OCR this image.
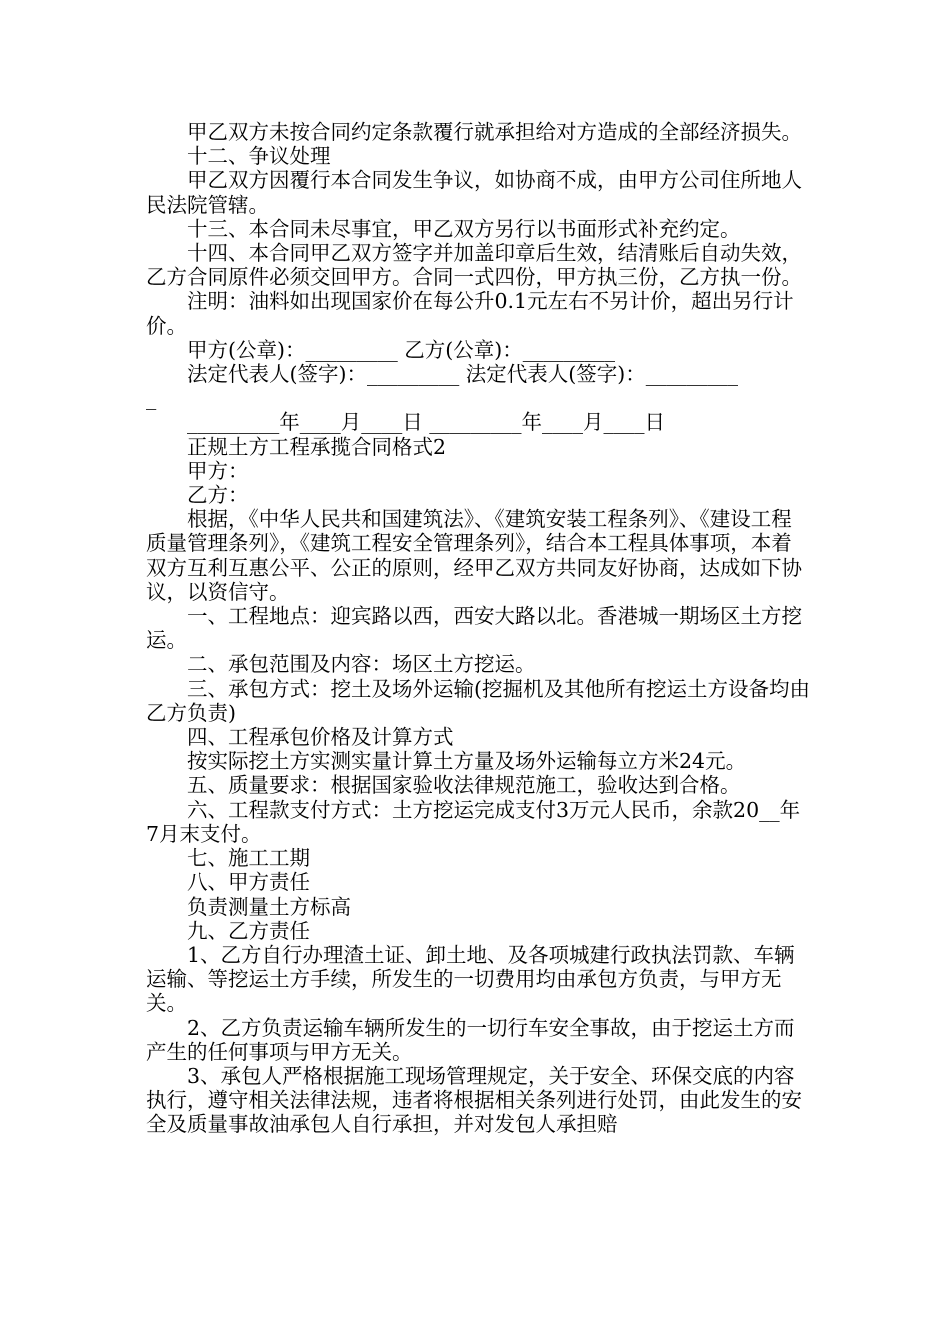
甲乙双方未按合同约定条款覆行就承担给对方造成的全部经济损失。

十二、争议处理

甲乙双方因覆行本合同发生争议，如协商不成，由甲方公司住所地人民法院管辖。

十三、本合同未尽事宜，甲乙双方另行以书面形式补充约定。

十四、本合同甲乙双方签字并加盖印章后生效，结清账后自动失效，乙方合同原件必须交回甲方。合同一式四份，甲方执三份，乙方执一份。

注明：油料如出现国家价在每公升0.1元左右不另计价，超出另行计价。

甲方(公章)：_________ 乙方(公章)：_________

法定代表人(签字)：_________ 法定代表人(签字)：_________

_

_________年____月____日 _________年____月____日

正规土方工程承揽合同格式2

甲方：

乙方：

根据，《中华人民共和国建筑法》、《建筑安装工程条列》、《建设工程质量管理条列》，《建筑工程安全管理条列》，结合本工程具体事项，本着双方互利互惠公平、公正的原则，经甲乙双方共同友好协商，达成如下协议，以资信守。

一、工程地点：迎宾路以西，西安大路以北。香港城一期场区土方挖运。

二、承包范围及内容：场区土方挖运。

三、承包方式：挖土及场外运输(挖掘机及其他所有挖运土方设备均由乙方负责)

四、工程承包价格及计算方式

按实际挖土方实测实量计算土方量及场外运输每立方米24元。

五、质量要求：根据国家验收法律规范施工，验收达到合格。

六、工程款支付方式：土方挖运完成支付3万元人民币，余款20__年7月末支付。

七、施工工期

八、甲方责任

负责测量土方标高

九、乙方责任

1、乙方自行办理渣土证、卸土地、及各项城建行政执法罚款、车辆运输、等挖运土方手续，所发生的一切费用均由承包方负责，与甲方无关。

2、乙方负责运输车辆所发生的一切行车安全事故，由于挖运土方而产生的任何事项与甲方无关。

3、承包人严格根据施工现场管理规定，关于安全、环保交底的内容执行，遵守相关法律法规，违者将根据相关条列进行处罚，由此发生的安全及质量事故油承包人自行承担，并对发包人承担赔
